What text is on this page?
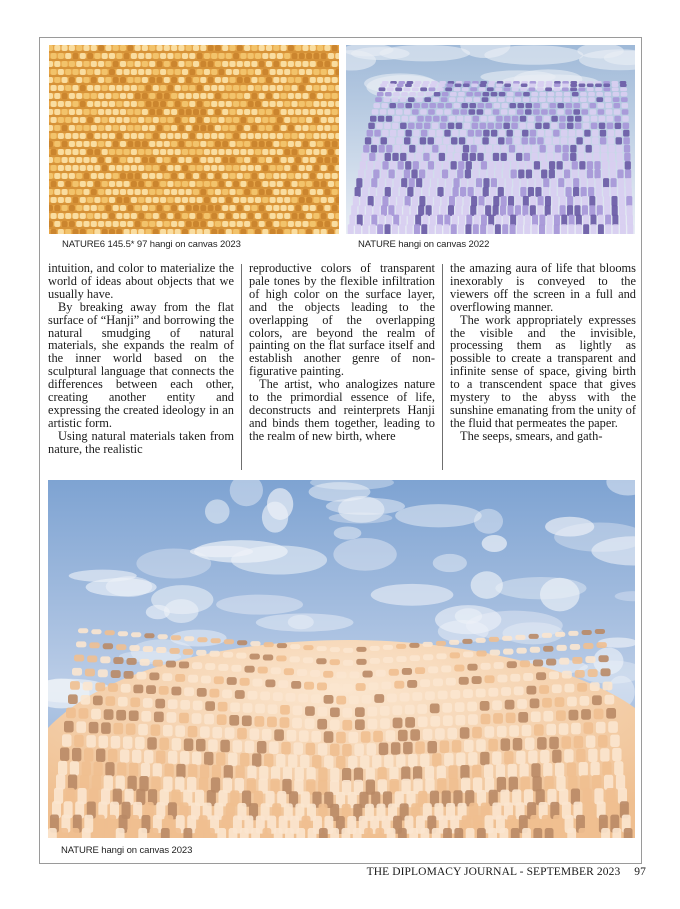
NATURE6 145.5* 97 hangi on canvas 2023	NATURE hangi on canvas 2022

intuition, and color to materialize the world of ideas about objects that we usually have.

By breaking away from the flat surface of “Hanji” and borrowing the natural smudging of natural materials, she expands the realm of the inner world based on the sculptural language that connects the differences between each other, creating another entity and expressing the created ideology in an artistic form.

Using natural materials taken from nature, the realistic

reproductive colors of transparent pale tones by the flexible infiltration of high color on the surface layer, and the objects leading to the overlapping of the overlapping colors, are beyond the realm of painting on the flat surface itself and establish another genre of non-figurative painting.

The artist, who analogizes nature to the primordial essence of life, deconstructs and reinterprets Hanji and binds them together, leading to the realm of new birth, where

the amazing aura of life that blooms inexorably is conveyed to the viewers off the screen in a full and overflowing manner.

The work appropriately expresses the visible and the invisible, processing them as lightly as possible to create a transparent and infinite sense of space, giving birth to a transcendent space that gives mystery to the abyss with the sunshine emanating from the unity of the fluid that permeates the paper.

The seeps, smears, and gath-

NATURE hangi on canvas 2023
THE DIPLOMACY JOURNAL - SEPTEMBER 2023 97
